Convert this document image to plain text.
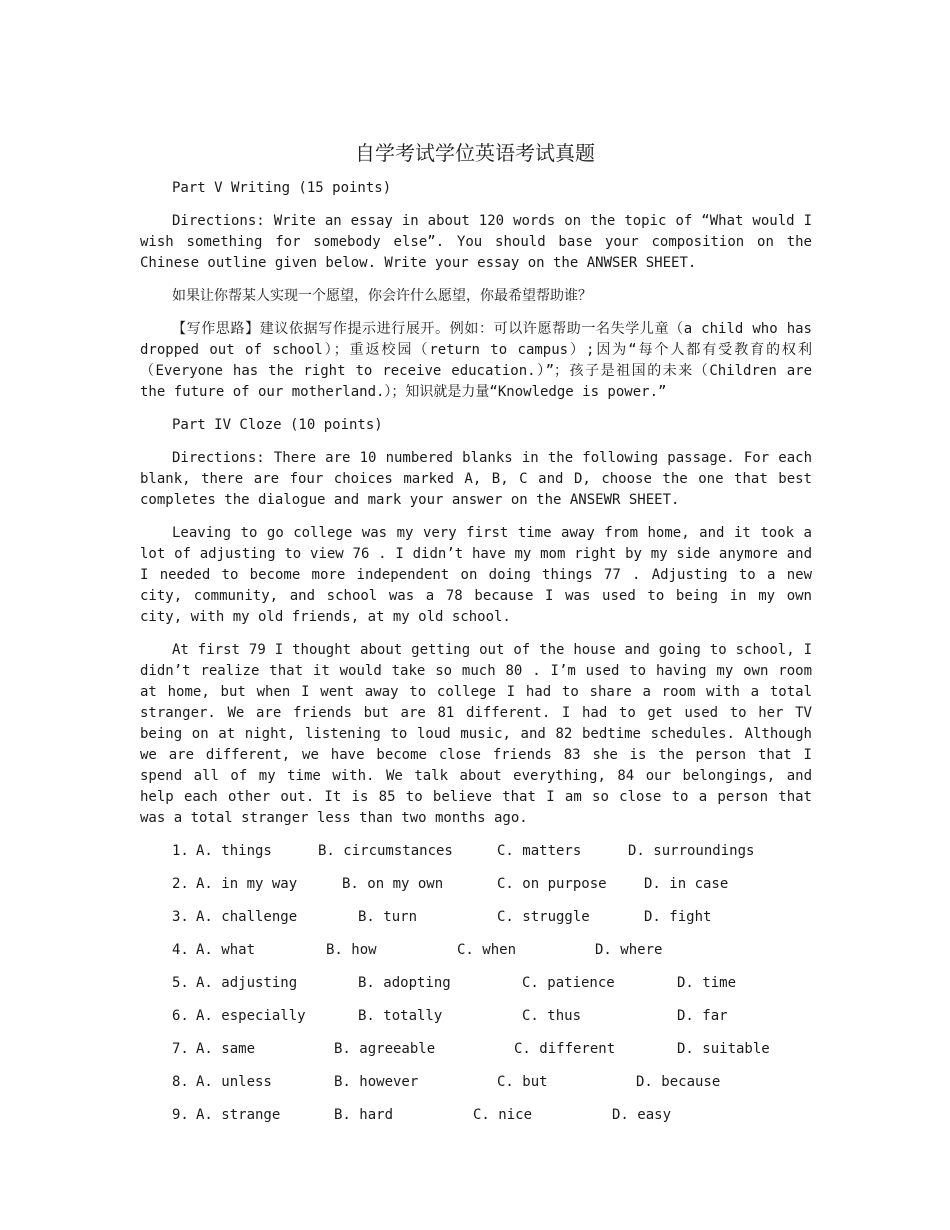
自学考试学位英语考试真题

Part V Writing (15 points)

Directions: Write an essay in about 120 words on the topic of “What would I wish something for somebody else”. You should base your composition on the Chinese outline given below. Write your essay on the ANWSER SHEET.

如果让你帮某人实现一个愿望，你会许什么愿望，你最希望帮助谁？

【写作思路】建议依据写作提示进行展开。例如：可以许愿帮助一名失学儿童（a child who has dropped out of school）；重返校园（return to campus）;因为“每个人都有受教育的权利（Everyone has the right to receive education.）”；孩子是祖国的未来（Children are the future of our motherland.）；知识就是力量“Knowledge is power.”

Part IV Cloze (10 points)

Directions: There are 10 numbered blanks in the following passage. For each blank, there are four choices marked A, B, C and D, choose the one that best completes the dialogue and mark your answer on the ANSEWR SHEET.

Leaving to go college was my very first time away from home, and it took a lot of adjusting to view 76 . I didn’t have my mom right by my side anymore and I needed to become more independent on doing things 77 . Adjusting to a new city, community, and school was a 78 because I was used to being in my own city, with my old friends, at my old school.

At first 79 I thought about getting out of the house and going to school, I didn’t realize that it would take so much 80 . I’m used to having my own room at home, but when I went away to college I had to share a room with a total stranger. We are friends but are 81 different. I had to get used to her TV being on at night, listening to loud music, and 82 bedtime schedules. Although we are different, we have become close friends 83 she is the person that I spend all of my time with. We talk about everything, 84 our belongings, and help each other out. It is 85 to believe that I am so close to a person that was a total stranger less than two months ago.

1. A. things	B. circumstances	C. matters	D. surroundings
2. A. in my way	B. on my own	C. on purpose	D. in case
3. A. challenge	B. turn	C. struggle	D. fight
4. A. what	B. how	C. when	D. where
5. A. adjusting	B. adopting	C. patience	D. time
6. A. especially	B. totally	C. thus	D. far
7. A. same	B. agreeable	C. different	D. suitable
8. A. unless	B. however	C. but	D. because
9. A. strange	B. hard	C. nice	D. easy
